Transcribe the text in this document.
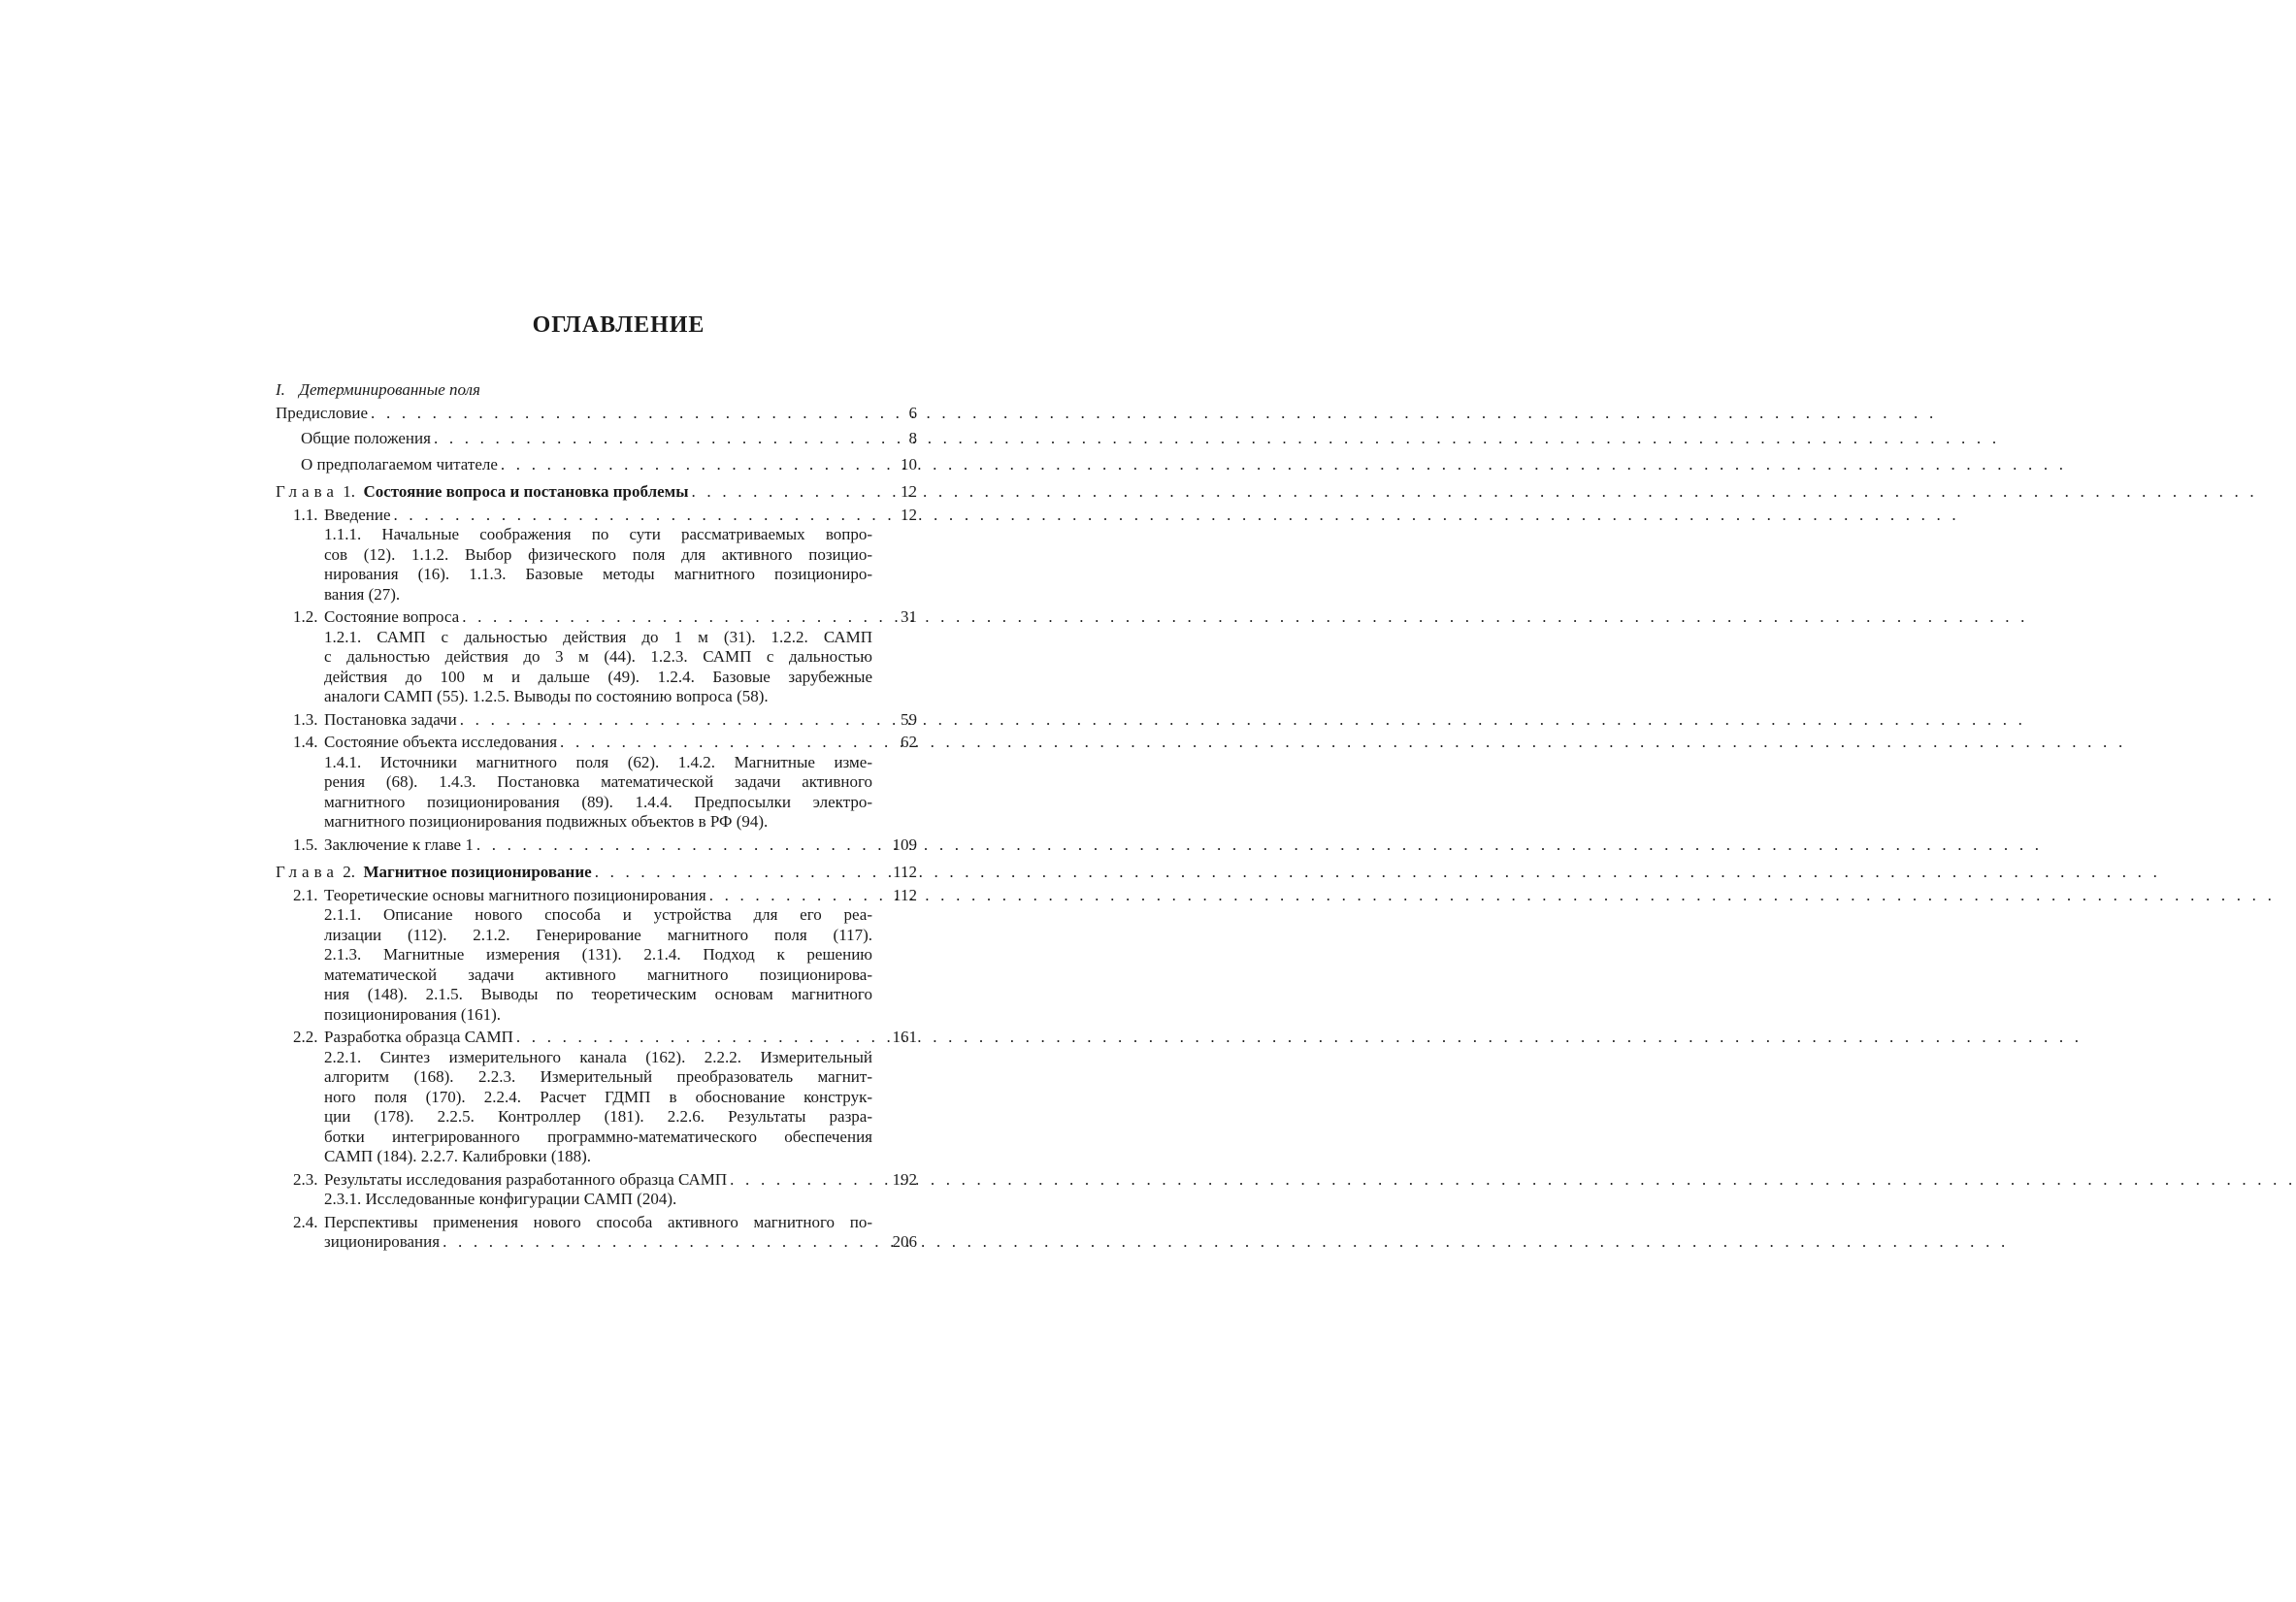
ОГЛАВЛЕНИЕ
I. Детерминированные поля
Предисловие . . .	6
Общие положения . . .	8
О предполагаемом читателе . . .	10
Глава 1. Состояние вопроса и постановка проблемы . . .	12
1.1. Введение . . .	12
1.1.1. Начальные соображения по сути рассматриваемых вопро-
сов (12). 1.1.2. Выбор физического поля для активного позицио-
нирования (16). 1.1.3. Базовые методы магнитного позициониро-
вания (27).
1.2. Состояние вопроса . . .	31
1.2.1. САМП с дальностью действия до 1 м (31). 1.2.2. САМП
с дальностью действия до 3 м (44). 1.2.3. САМП с дальностью
действия до 100 м и дальше (49). 1.2.4. Базовые зарубежные
аналоги САМП (55). 1.2.5. Выводы по состоянию вопроса (58).
1.3. Постановка задачи . . .	59
1.4. Состояние объекта исследования . . .	62
1.4.1. Источники магнитного поля (62). 1.4.2. Магнитные изме-
рения (68). 1.4.3. Постановка математической задачи активного
магнитного позиционирования (89). 1.4.4. Предпосылки электро-
магнитного позиционирования подвижных объектов в РФ (94).
1.5. Заключение к главе 1 . . .	109
Глава 2. Магнитное позиционирование . . .	112
2.1. Теоретические основы магнитного позиционирования . . .	112
2.1.1. Описание нового способа и устройства для его реа-
лизации (112). 2.1.2. Генерирование магнитного поля (117).
2.1.3. Магнитные измерения (131). 2.1.4. Подход к решению
математической задачи активного магнитного позиционирова-
ния (148). 2.1.5. Выводы по теоретическим основам магнитного
позиционирования (161).
2.2. Разработка образца САМП . . .	161
2.2.1. Синтез измерительного канала (162). 2.2.2. Измерительный
алгоритм (168). 2.2.3. Измерительный преобразователь магнит-
ного поля (170). 2.2.4. Расчет ГДМП в обоснование конструк-
ции (178). 2.2.5. Контроллер (181). 2.2.6. Результаты разра-
ботки интегрированного программно-математического обеспечения
САМП (184). 2.2.7. Калибровки (188).
2.3. Результаты исследования разработанного образца САМП . . .	192
2.3.1. Исследованные конфигурации САМП (204).
2.4. Перспективы применения нового способа активного магнитного по-
зиционирования . . .	206
